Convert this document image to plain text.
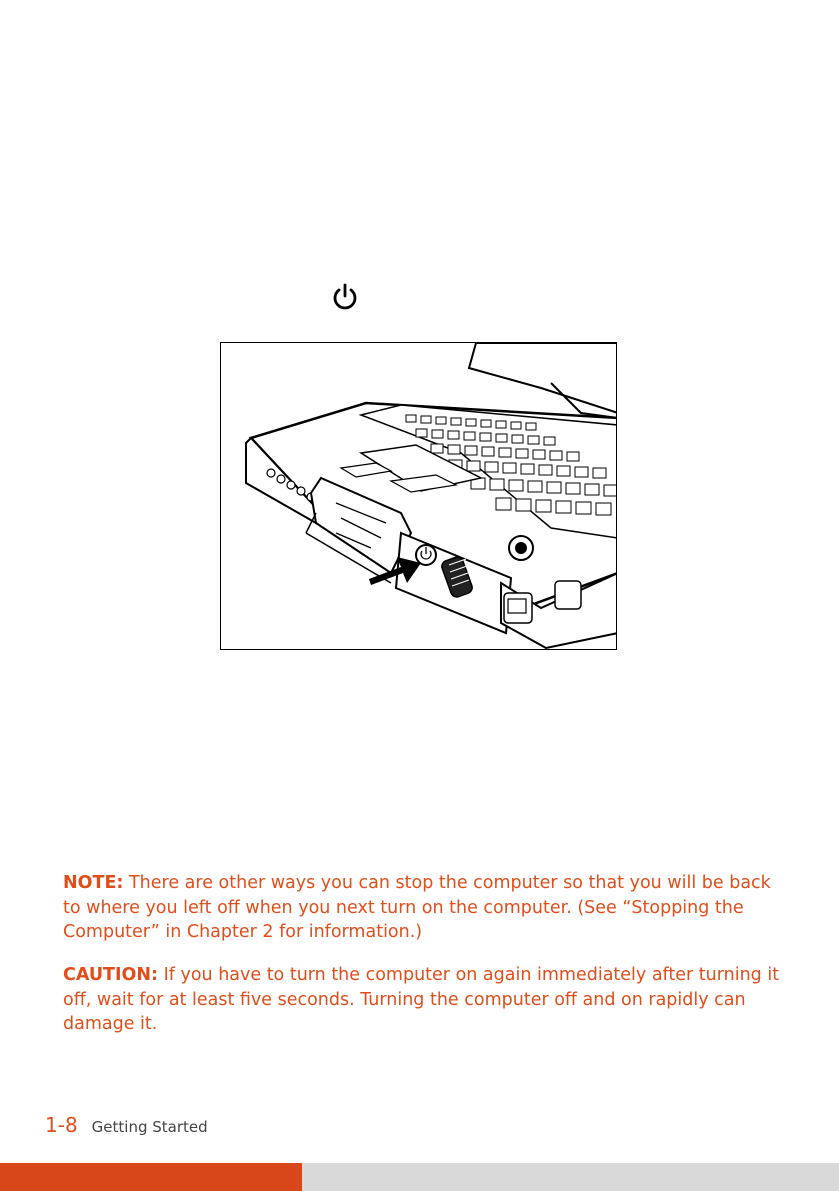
NOTE: There are other ways you can stop the computer so that you will be back to where you left off when you next turn on the computer. (See “Stopping the Computer” in Chapter 2 for information.)
CAUTION: If you have to turn the computer on again immediately after turning it off, wait for at least five seconds. Turning the computer off and on rapidly can damage it.
1-8 Getting Started
